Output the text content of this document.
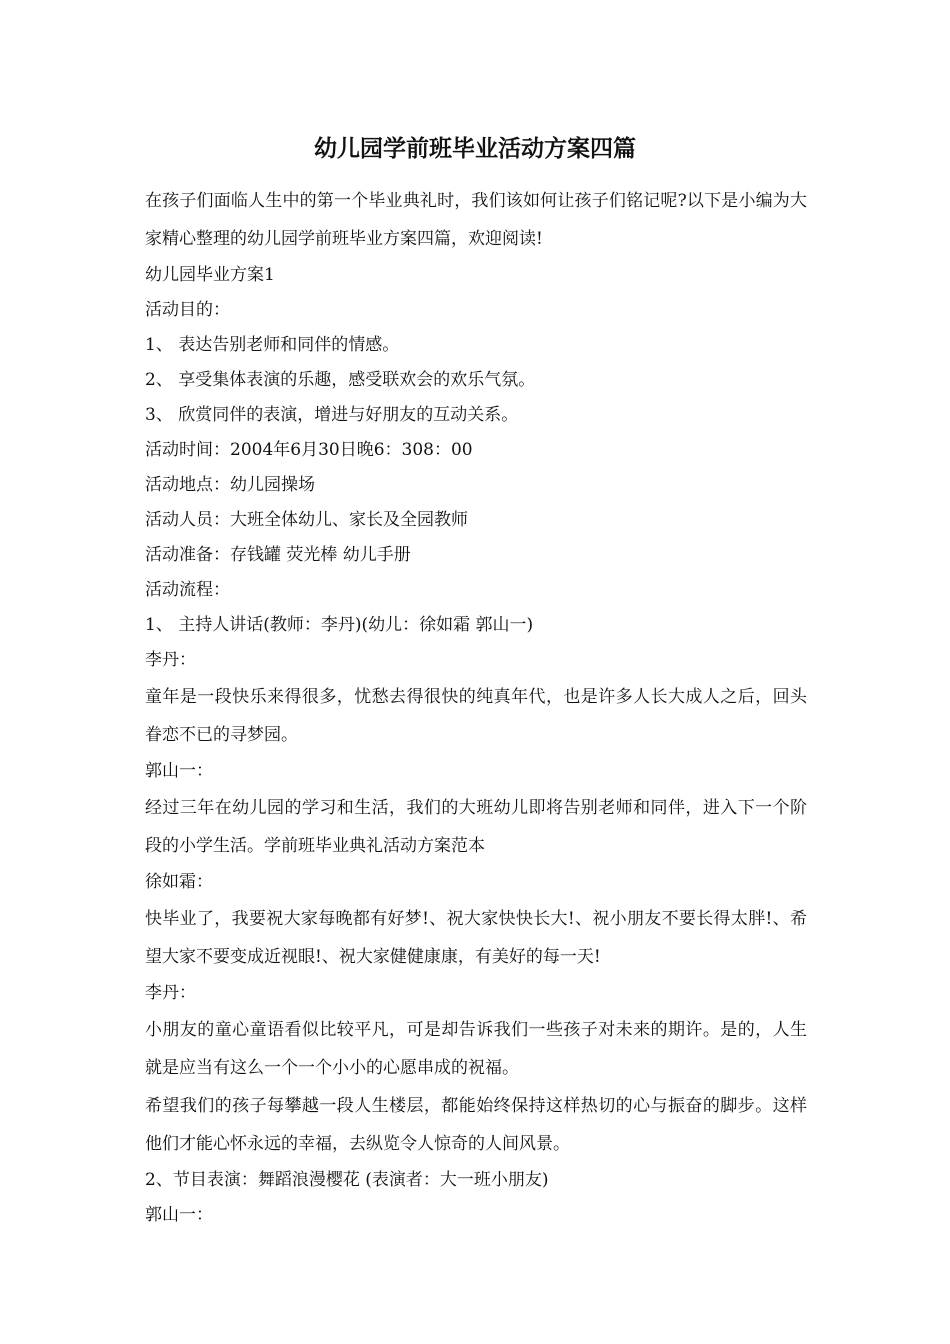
幼儿园学前班毕业活动方案四篇

在孩子们面临人生中的第一个毕业典礼时，我们该如何让孩子们铭记呢?以下是小编为大家精心整理的幼儿园学前班毕业方案四篇，欢迎阅读!

幼儿园毕业方案1

活动目的：

1、 表达告别老师和同伴的情感。

2、 享受集体表演的乐趣，感受联欢会的欢乐气氛。

3、 欣赏同伴的表演，增进与好朋友的互动关系。

活动时间：2004年6月30日晚6：308：00

活动地点：幼儿园操场

活动人员：大班全体幼儿、家长及全园教师

活动准备：存钱罐 荧光棒 幼儿手册

活动流程：

1、 主持人讲话(教师：李丹)(幼儿：徐如霜 郭山一)

李丹：

童年是一段快乐来得很多，忧愁去得很快的纯真年代，也是许多人长大成人之后，回头眷恋不已的寻梦园。

郭山一：

经过三年在幼儿园的学习和生活，我们的大班幼儿即将告别老师和同伴，进入下一个阶段的小学生活。学前班毕业典礼活动方案范本

徐如霜：

快毕业了，我要祝大家每晚都有好梦!、祝大家快快长大!、祝小朋友不要长得太胖!、希望大家不要变成近视眼!、祝大家健健康康，有美好的每一天!

李丹：

小朋友的童心童语看似比较平凡，可是却告诉我们一些孩子对未来的期许。是的，人生就是应当有这么一个一个小小的心愿串成的祝福。

希望我们的孩子每攀越一段人生楼层，都能始终保持这样热切的心与振奋的脚步。这样他们才能心怀永远的幸福，去纵览令人惊奇的人间风景。

2、节目表演：舞蹈浪漫樱花 (表演者：大一班小朋友)

郭山一：
